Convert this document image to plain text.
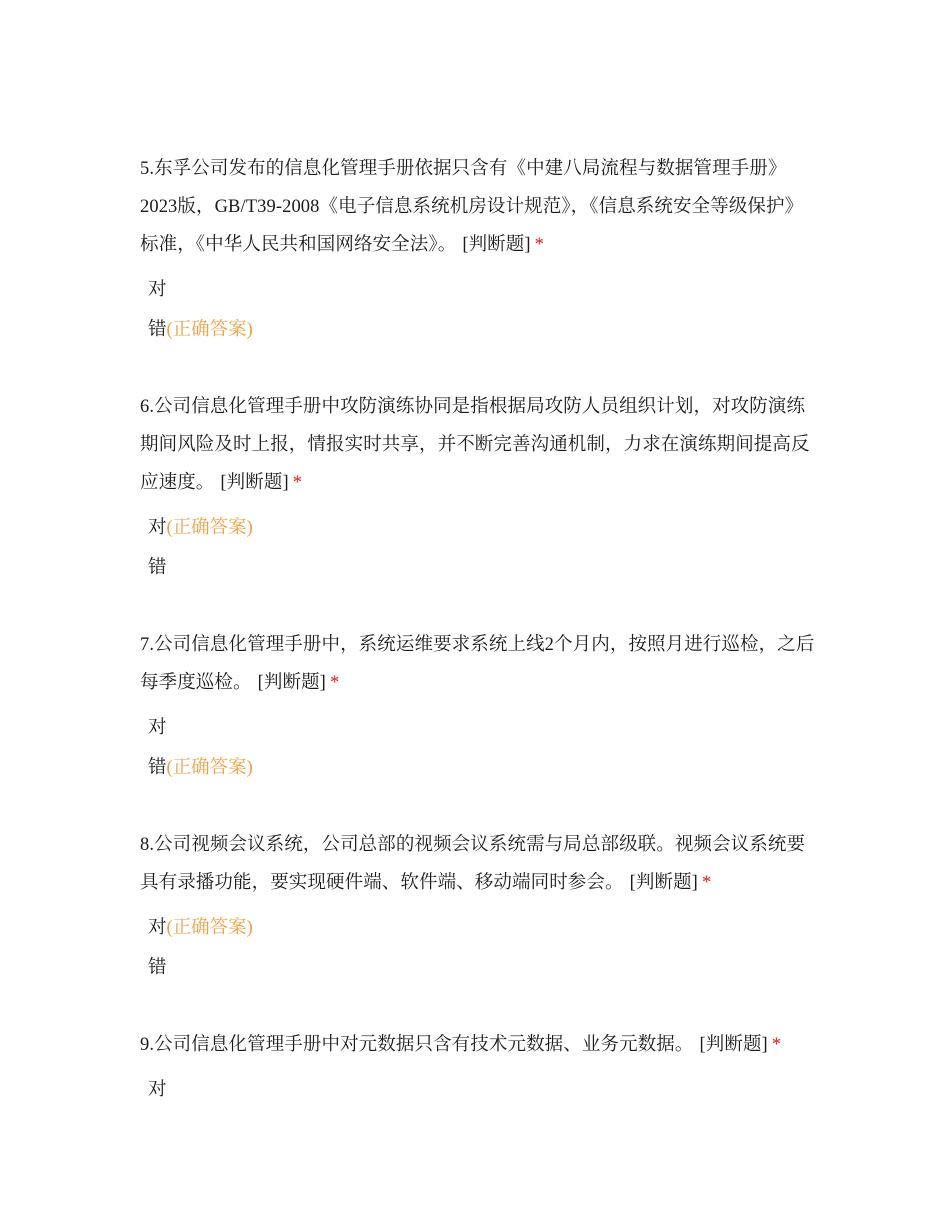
5.东孚公司发布的信息化管理手册依据只含有《中建八局流程与数据管理手册》2023版，GB/T39-2008《电子信息系统机房设计规范》，《信息系统安全等级保护》标准，《中华人民共和国网络安全法》。 [判断题] *

对
错(正确答案)

6.公司信息化管理手册中攻防演练协同是指根据局攻防人员组织计划，对攻防演练期间风险及时上报，情报实时共享，并不断完善沟通机制，力求在演练期间提高反应速度。 [判断题] *

对(正确答案)
错

7.公司信息化管理手册中，系统运维要求系统上线2个月内，按照月进行巡检，之后每季度巡检。 [判断题] *

对
错(正确答案)

8.公司视频会议系统，公司总部的视频会议系统需与局总部级联。视频会议系统要具有录播功能，要实现硬件端、软件端、移动端同时参会。 [判断题] *

对(正确答案)
错

9.公司信息化管理手册中对元数据只含有技术元数据、业务元数据。 [判断题] *

对
